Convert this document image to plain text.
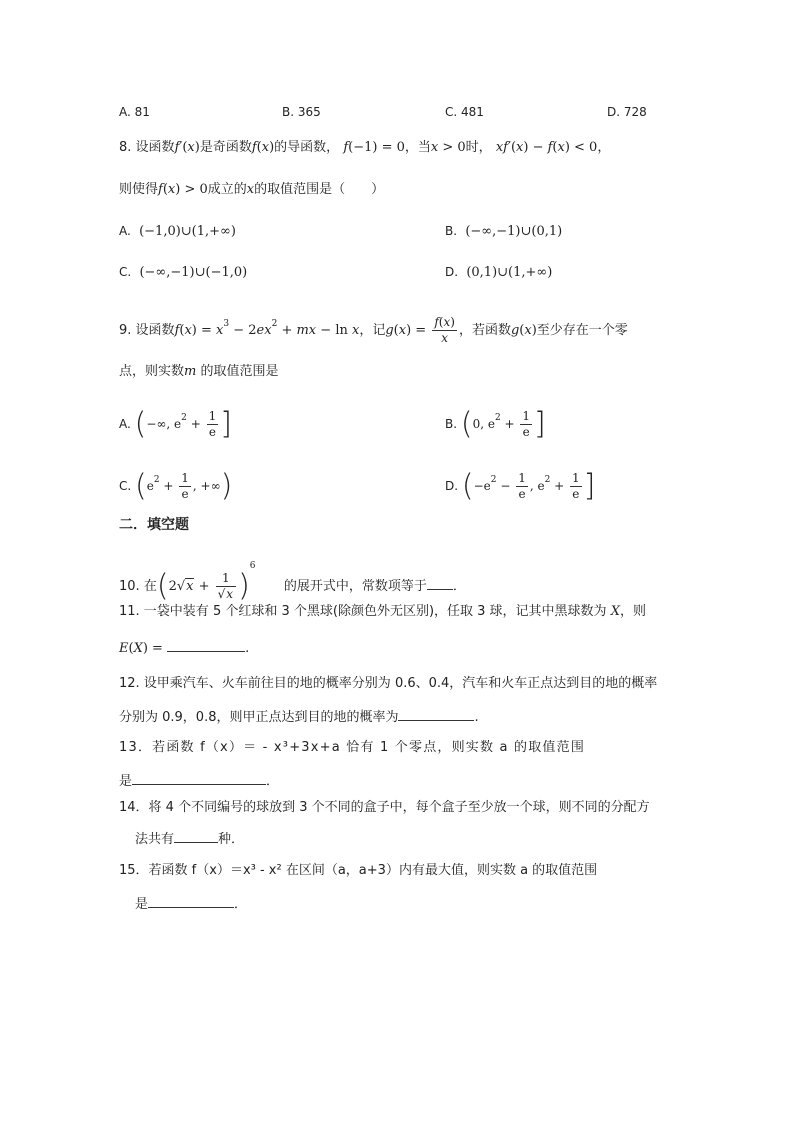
A. 81	B. 365	C. 481	D. 728
8. 设函数f′(x)是奇函数f(x)的导函数， f(−1) = 0，当x > 0时， xf′(x) − f(x) < 0，
则使得f(x) > 0成立的x的取值范围是（　　）
A. (−1,0)∪(1,+∞)	B. (−∞,−1)∪(0,1)
C. (−∞,−1)∪(−1,0)	D. (0,1)∪(1,+∞)
9. 设函数$f(x) = x^3 - 2ex^2$ + mx − ln x，记$g(x) = \frac{f(x)}{x}$ ，若函数g(x)至少存在一个零
点，则实数m 的取值范围是
A. (−∞, $e^2 + \frac{1}{e}$ ]	B. (0, $e^2 + \frac{1}{e}$ ]
C. ($e^2 + \frac{1}{e}$ , +∞)	D. ($-e^2 - \frac{1}{e}$ , $e^2 + \frac{1}{e}$ ]
二．填空题
10. 在$(2√x + \frac{1}{√x} )^6$  的展开式中，常数项等于 ．
11. 一袋中装有 5 个红球和 3 个黑球(除颜色外无区别)，任取 3 球，记其中黑球数为 X，则
E(X) =	.
12. 设甲乘汽车、火车前往目的地的概率分别为 0.6、0.4，汽车和火车正点达到目的地的概率
分别为 0.9，0.8，则甲正点达到目的地的概率为	.
13．若函数 f（x）＝ - x³+3x+a 恰有 1 个零点，则实数 a 的取值范围
是	．
14．将 4 个不同编号的球放到 3 个不同的盒子中，每个盒子至少放一个球，则不同的分配方
法共有	种．
15．若函数 f（x）＝x³ - x² 在区间（a，a+3）内有最大值，则实数 a 的取值范围
是	．
